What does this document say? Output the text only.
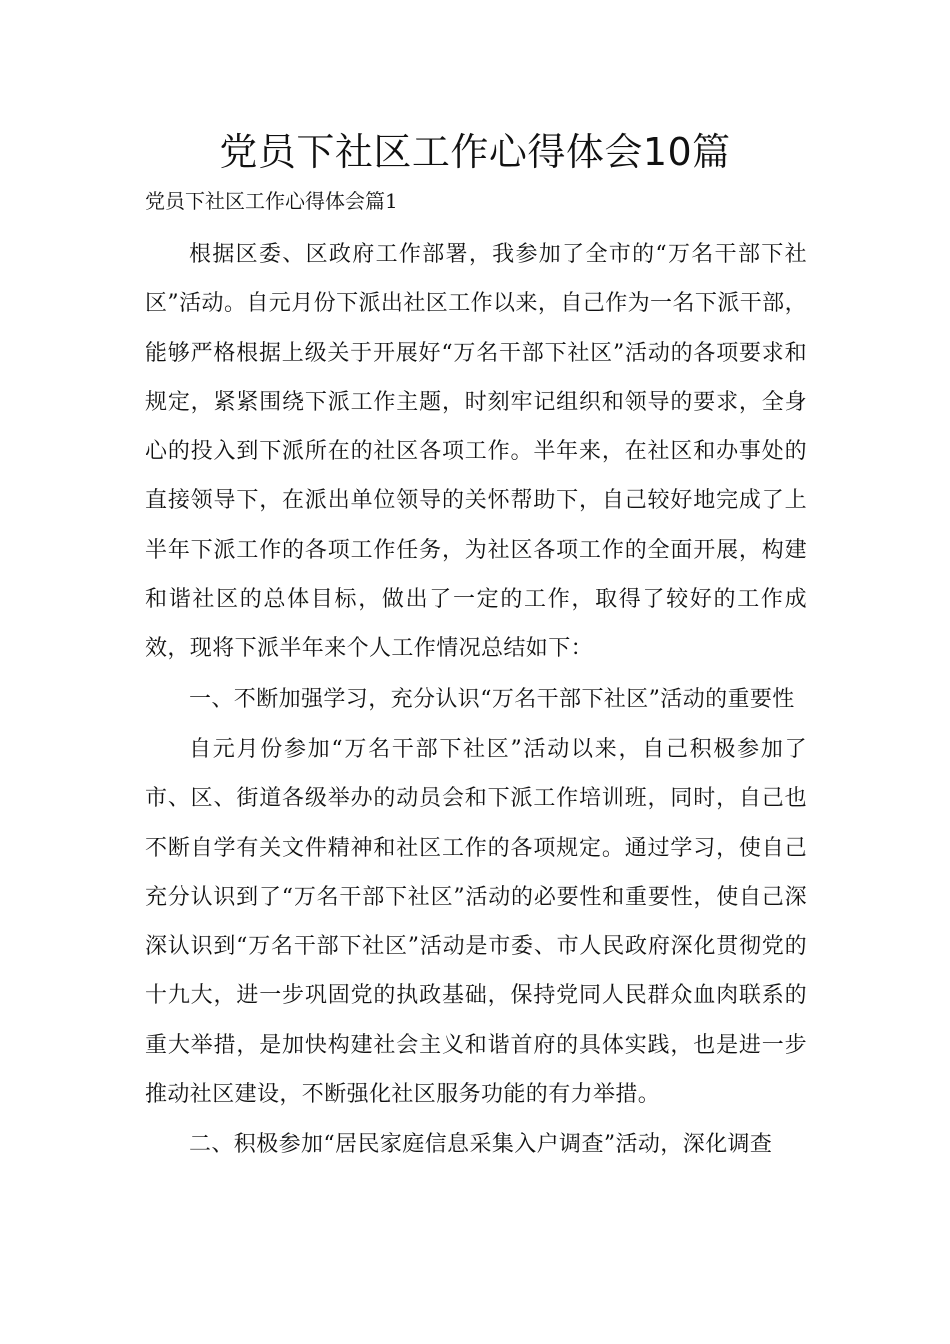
党员下社区工作心得体会10篇
党员下社区工作心得体会篇1

根据区委、区政府工作部署，我参加了全市的“万名干部下社区”活动。自元月份下派出社区工作以来，自己作为一名下派干部，能够严格根据上级关于开展好“万名干部下社区”活动的各项要求和规定，紧紧围绕下派工作主题，时刻牢记组织和领导的要求，全身心的投入到下派所在的社区各项工作。半年来，在社区和办事处的直接领导下，在派出单位领导的关怀帮助下，自己较好地完成了上半年下派工作的各项工作任务，为社区各项工作的全面开展，构建和谐社区的总体目标，做出了一定的工作，取得了较好的工作成效，现将下派半年来个人工作情况总结如下：

一、不断加强学习，充分认识“万名干部下社区”活动的重要性

自元月份参加“万名干部下社区”活动以来，自己积极参加了市、区、街道各级举办的动员会和下派工作培训班，同时，自己也不断自学有关文件精神和社区工作的各项规定。通过学习，使自己充分认识到了“万名干部下社区”活动的必要性和重要性，使自己深深认识到“万名干部下社区”活动是市委、市人民政府深化贯彻党的十九大，进一步巩固党的执政基础，保持党同人民群众血肉联系的重大举措，是加快构建社会主义和谐首府的具体实践，也是进一步推动社区建设，不断强化社区服务功能的有力举措。

二、积极参加“居民家庭信息采集入户调查”活动，深化调查
